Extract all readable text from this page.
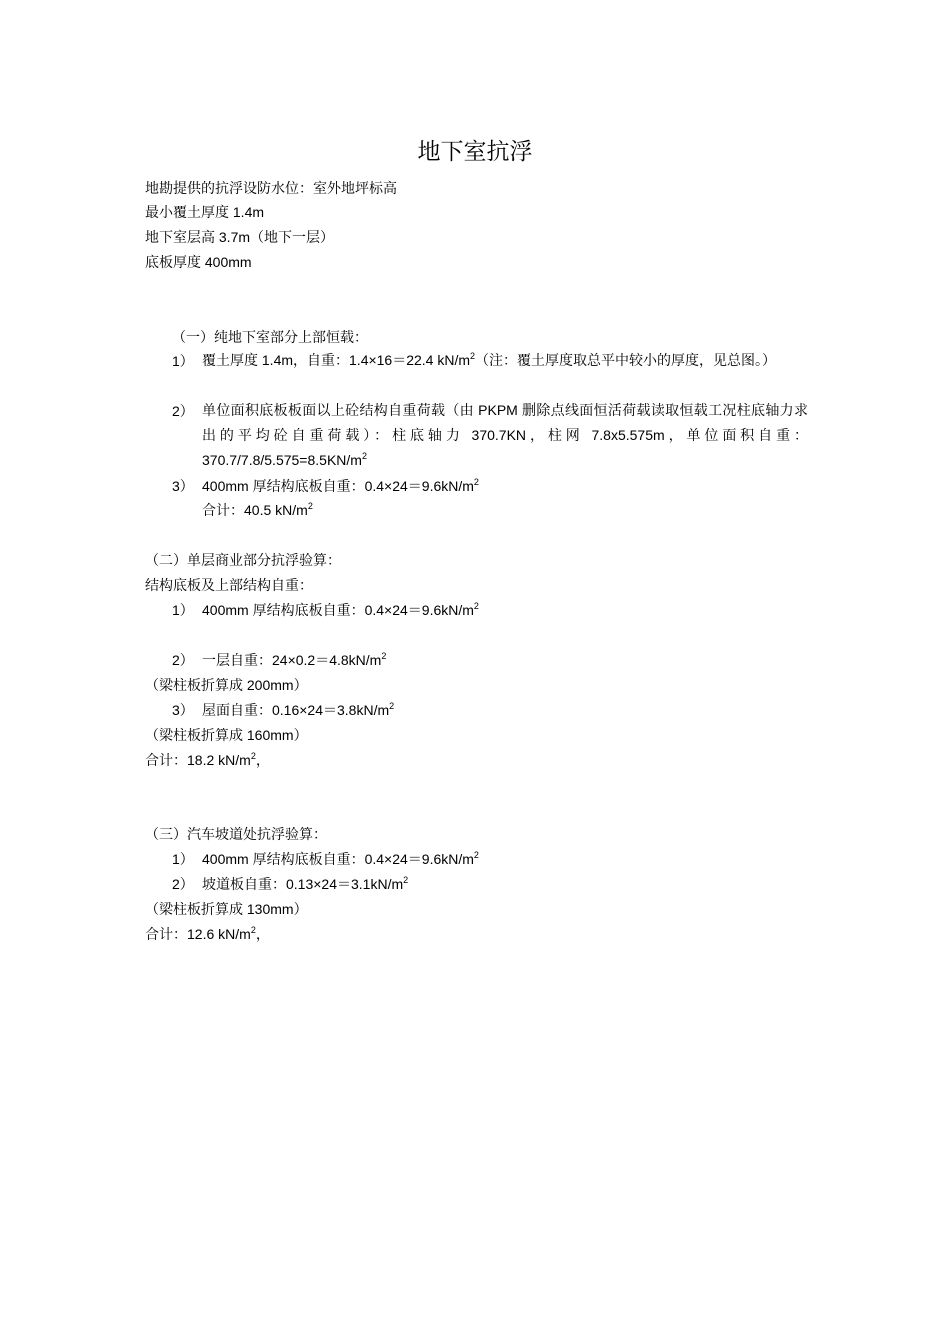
地下室抗浮
地勘提供的抗浮设防水位：室外地坪标高
最小覆土厚度 1.4m
地下室层高 3.7m（地下一层）
底板厚度 400mm
（一）纯地下室部分上部恒载：
1） 覆土厚度 1.4m，自重：1.4×16＝22.4 $kN/m^2$（注：覆土厚度取总平中较小的厚度，见总图。）
2） 单位面积底板板面以上砼结构自重荷载（由 PKPM 删除点线面恒活荷载读取恒载工况柱底轴力求出的平均砼自重荷载）：柱底轴力 370.7KN，柱网 7.8x5.575m，单位面积自重：$370.7/7.8/5.575=8.5KN/m^2$
3） 400mm 厚结构底板自重：$0.4\times 24=9.6kN/m^2$
合计：40.5 $kN/m^2$
（二）单层商业部分抗浮验算：
结构底板及上部结构自重：
1） 400mm 厚结构底板自重：$0.4\times 24=9.6kN/m^2$
2） 一层自重：$24\times 0.2=4.8kN/m^2$
（梁柱板折算成 200mm）
3） 屋面自重：$0.16\times 24=3.8kN/m^2$
（梁柱板折算成 160mm）
合计：18.2 $kN/m^2$，
（三）汽车坡道处抗浮验算：
1） 400mm 厚结构底板自重：$0.4\times 24=9.6kN/m^2$
2） 坡道板自重：$0.13\times 24=3.1kN/m^2$
（梁柱板折算成 130mm）
合计：12.6 $kN/m^2$，
